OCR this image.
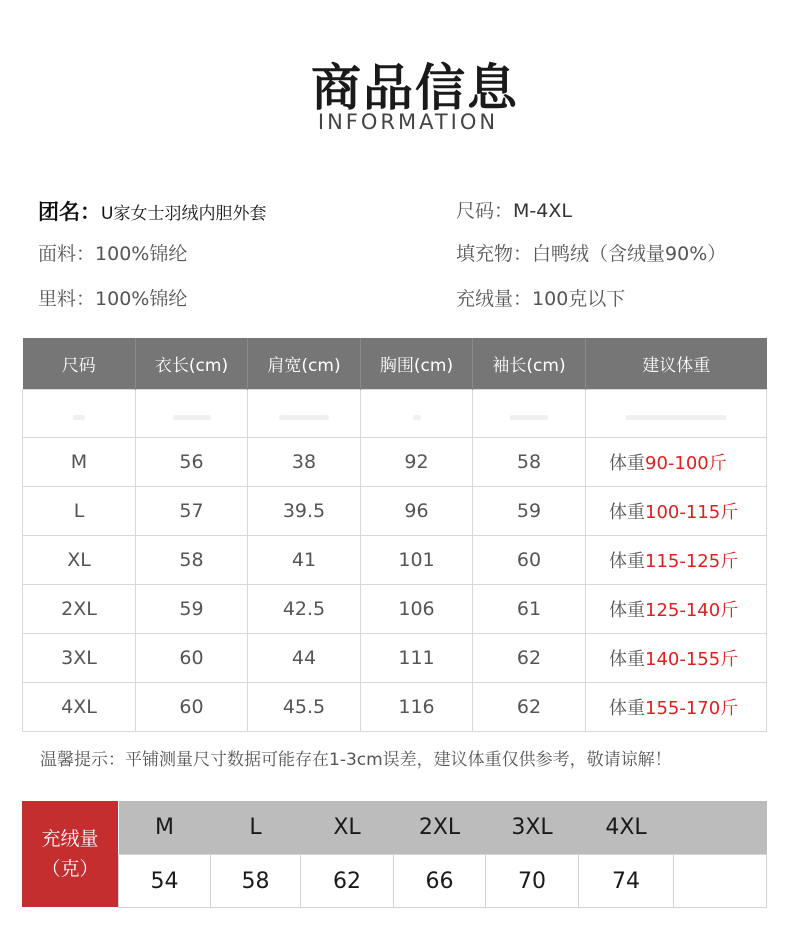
商品信息
INFORMATION
团名：U家女士羽绒内胆外套	尺码：M-4XL
面料：100%锦纶	填充物：白鸭绒（含绒量90%）
里料：100%锦纶	充绒量：100克以下
尺码	衣长(cm)	肩宽(cm)	胸围(cm)	袖长(cm)	建议体重

M	56	38	92	58	体重90-100斤
L	57	39.5	96	59	体重100-115斤
XL	58	41	101	60	体重115-125斤
2XL	59	42.5	106	61	体重125-140斤
3XL	60	44	111	62	体重140-155斤
4XL	60	45.5	116	62	体重155-170斤
温馨提示：平铺测量尺寸数据可能存在1-3cm误差，建议体重仅供参考，敬请谅解！
充绒量
（克）
M	L	XL	2XL	3XL	4XL	
54	58	62	66	70	74	
